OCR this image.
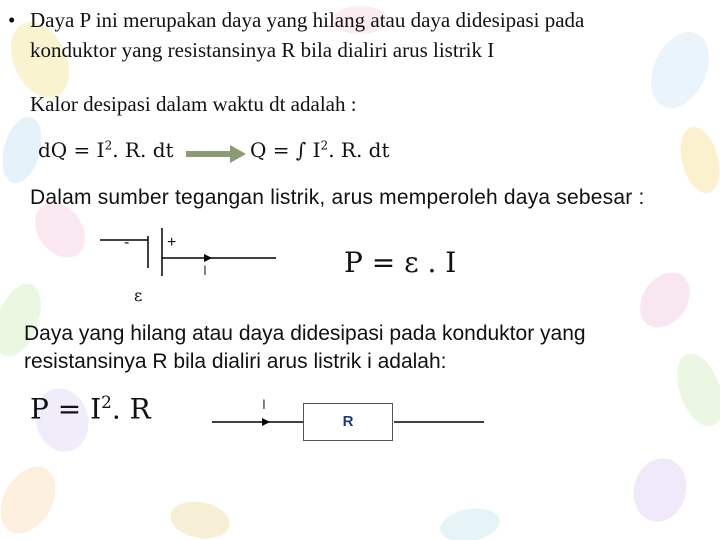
• Daya P ini merupakan daya yang hilang atau daya didesipasi pada
konduktor yang resistansinya R bila dialiri arus listrik I
Kalor desipasi dalam waktu dt adalah :
dQ = $I^2$. R. dt	Q = ∫ $I^2$. R. dt
Dalam sumber tegangan listrik, arus memperoleh daya sebesar :
- +
I
ε
P = ε . I
Daya yang hilang atau daya didesipasi pada konduktor yang
resistansinya R bila dialiri arus listrik i adalah:
$P = I^2$. R	I
R
